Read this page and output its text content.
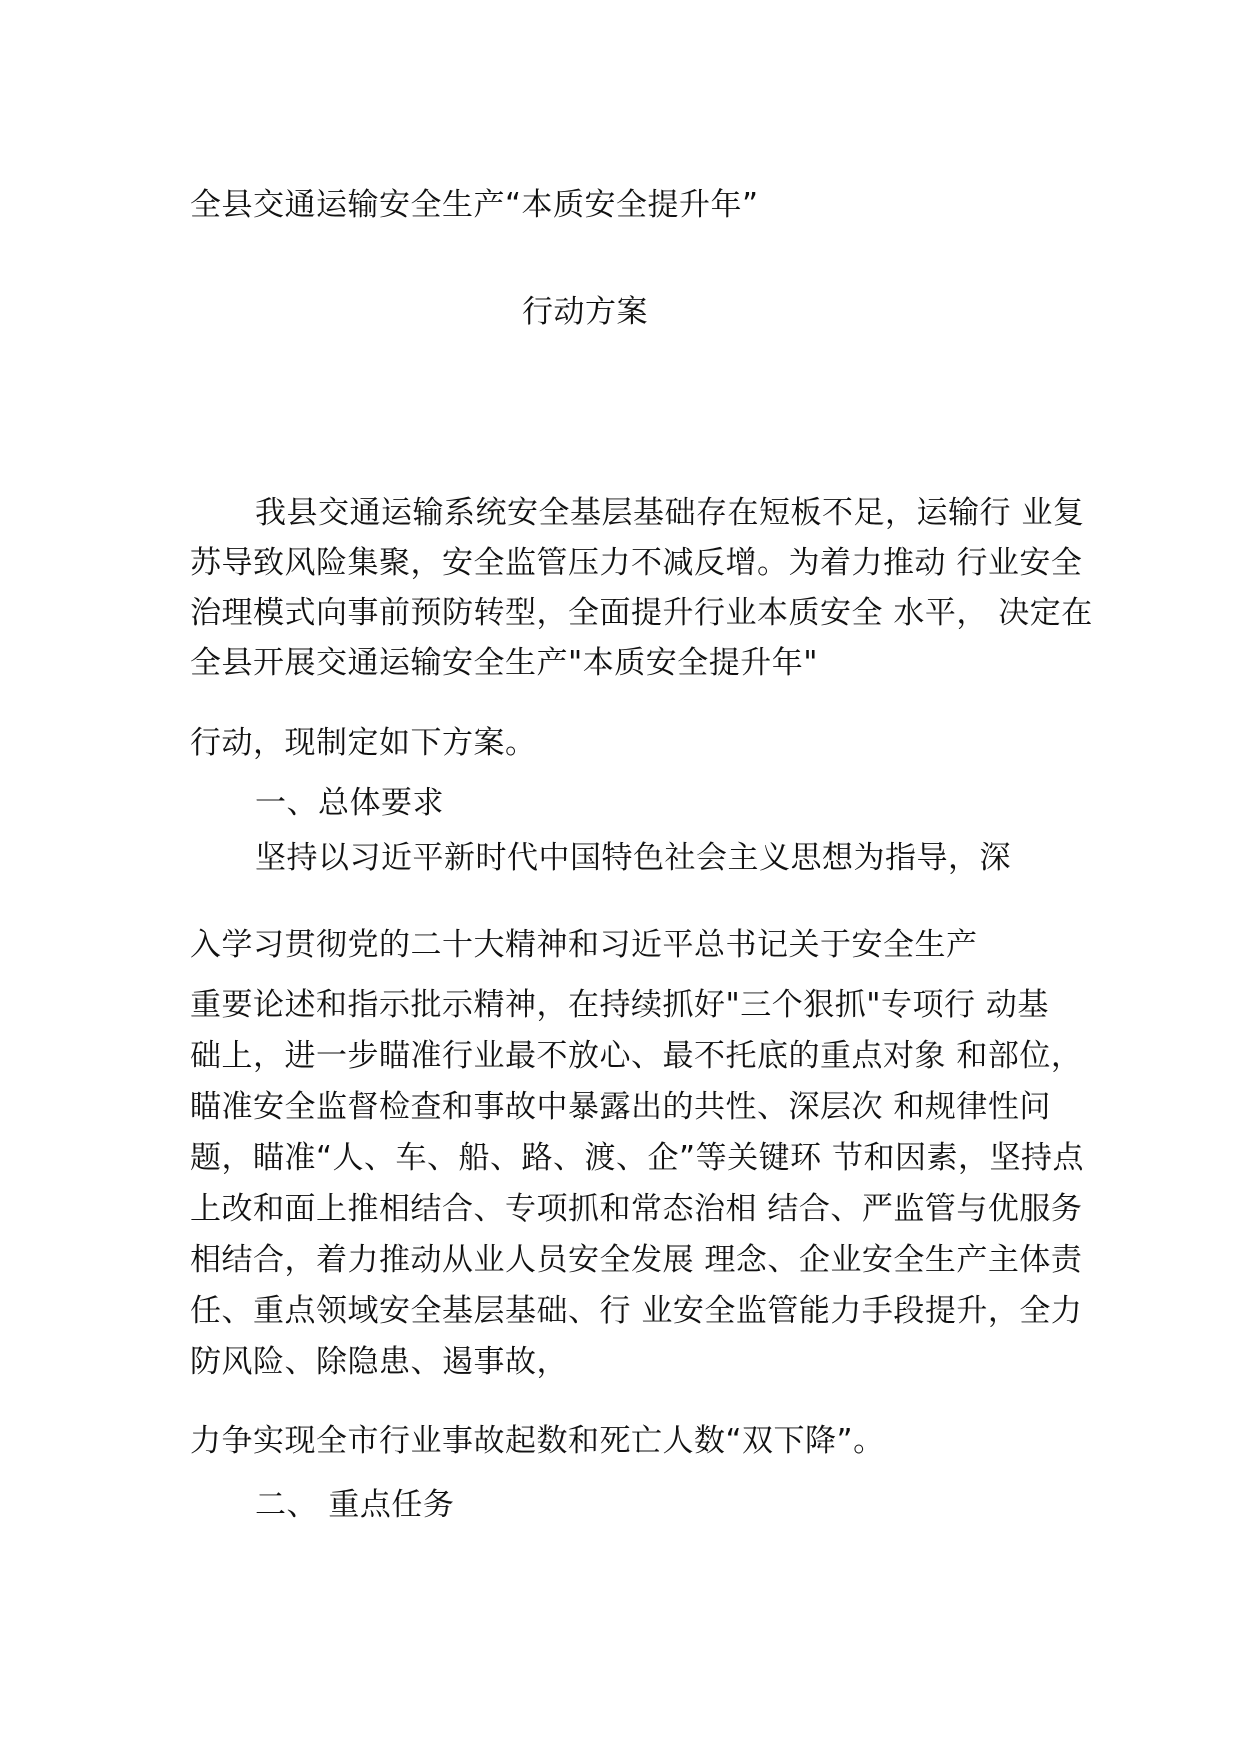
全县交通运输安全生产“本质安全提升年”
行动方案
我县交通运输系统安全基层基础存在短板不足，运输行 业复
苏导致风险集聚，安全监管压力不减反增。为着力推动 行业安全
治理模式向事前预防转型，全面提升行业本质安全 水平， 决定在
全县开展交通运输安全生产"本质安全提升年"
行动，现制定如下方案。
一、总体要求
坚持以习近平新时代中国特色社会主义思想为指导，深
入学习贯彻党的二十大精神和习近平总书记关于安全生产
重要论述和指示批示精神，在持续抓好"三个狠抓"专项行 动基
础上，进一步瞄准行业最不放心、最不托底的重点对象 和部位，
瞄准安全监督检查和事故中暴露出的共性、深层次 和规律性问
题，瞄准“人、车、船、路、渡、企”等关键环 节和因素，坚持点
上改和面上推相结合、专项抓和常态治相 结合、严监管与优服务
相结合，着力推动从业人员安全发展 理念、企业安全生产主体责
任、重点领域安全基层基础、行 业安全监管能力手段提升，全力
防风险、除隐患、遏事故，
力争实现全市行业事故起数和死亡人数“双下降”。
二、 重点任务
